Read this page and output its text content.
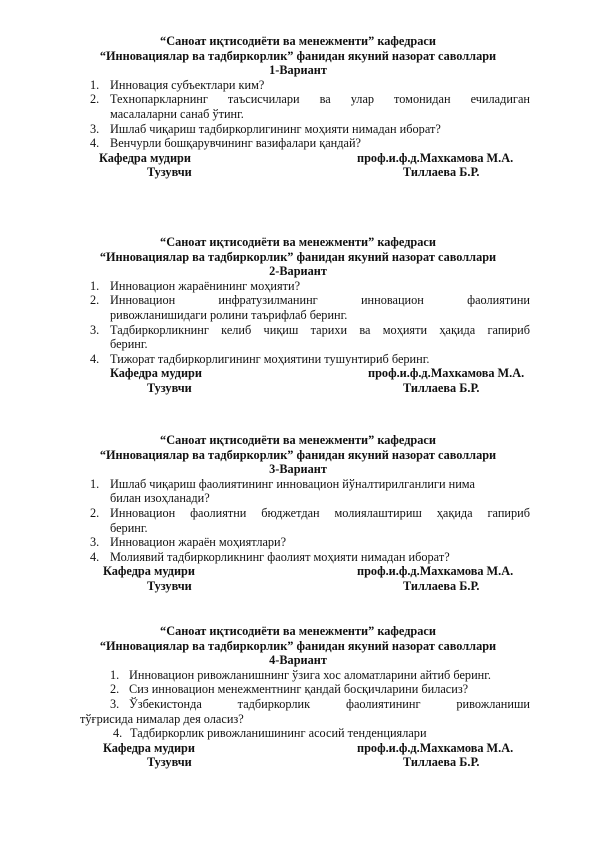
“Саноат иқтисодиёти ва менежменти” кафедраси
“Инновациялар ва тадбиркорлик” фанидан якуний назорат саволлари
1-Вариант
1. Инновация субъектлари ким?
2. Технопаркларнинг таъсисчилари ва улар томонидан ечиладиган
масалаларни санаб ўтинг.
3. Ишлаб чиқариш тадбиркорлигининг моҳияти нимадан иборат?
4. Венчурли бошқарувчининг вазифалари қандай?
Кафедра мудири	проф.и.ф.д.Махкамова М.А.
Тузувчи	Тиллаева Б.Р.
“Саноат иқтисодиёти ва менежменти” кафедраси
“Инновациялар ва тадбиркорлик” фанидан якуний назорат саволлари
2-Вариант
1. Инновацион жараёнининг моҳияти?
2. Инновацион инфратузилманинг инновацион фаолиятини
ривожланишидаги ролини таърифлаб беринг.
3. Тадбиркорликнинг келиб чиқиш тарихи ва моҳияти ҳақида гапириб
беринг.
4. Тижорат тадбиркорлигининг моҳиятини тушунтириб беринг.
Кафедра мудири	проф.и.ф.д.Махкамова М.А.
Тузувчи	Тиллаева Б.Р.
“Саноат иқтисодиёти ва менежменти” кафедраси
“Инновациялар ва тадбиркорлик” фанидан якуний назорат саволлари
3-Вариант
1. Ишлаб чиқариш фаолиятининг инновацион йўналтирилганлиги нима
билан изоҳланади?
2. Инновацион фаолиятни бюджетдан молиялаштириш ҳақида гапириб
беринг.
3. Инновацион жараён моҳиятлари?
4. Молиявий тадбиркорликнинг фаолият моҳияти нимадан иборат?
Кафедра мудири	проф.и.ф.д.Махкамова М.А.
Тузувчи	Тиллаева Б.Р.
“Саноат иқтисодиёти ва менежменти” кафедраси
“Инновациялар ва тадбиркорлик” фанидан якуний назорат саволлари
4-Вариант
1. Инновацион ривожланишнинг ўзига хос аломатларини айтиб беринг.
2. Сиз инновацион менежментнинг қандай босқичларини биласиз?
3. Ўзбекистонда тадбиркорлик фаолиятининг ривожланиши
тўғрисида нималар дея оласиз?
4. Тадбиркорлик ривожланишининг асосий тенденциялари
Кафедра мудири	проф.и.ф.д.Махкамова М.А.
Тузувчи	Тиллаева Б.Р.
